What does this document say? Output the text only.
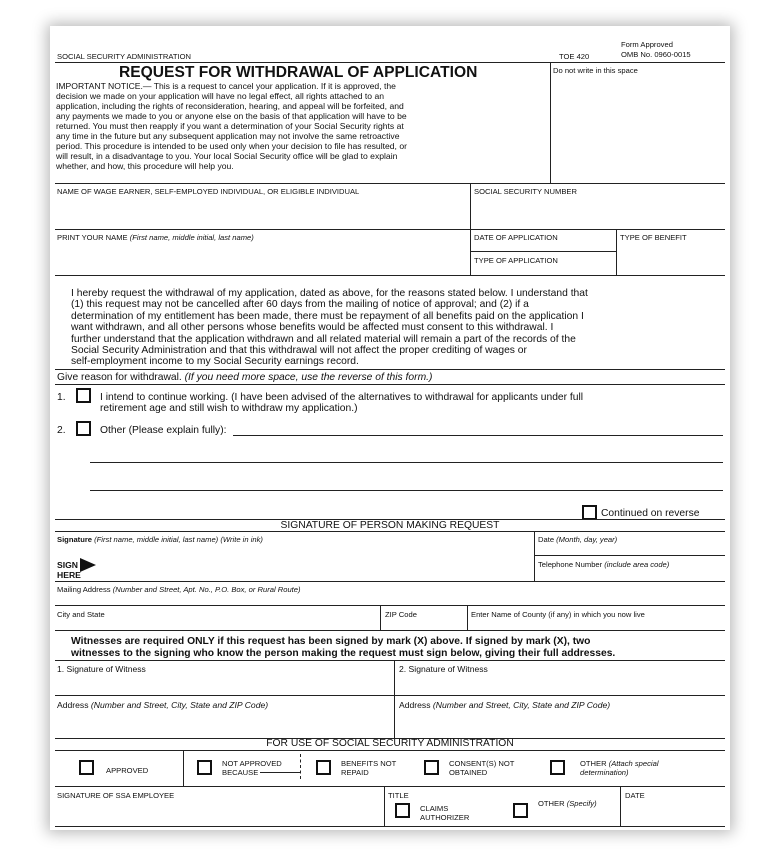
SOCIAL SECURITY ADMINISTRATION	TOE 420
Form Approved
OMB No. 0960-0015
REQUEST FOR WITHDRAWAL OF APPLICATION	Do not write in this space
IMPORTANT NOTICE.— This is a request to cancel your application. If it is approved, the
decision we made on your application will have no legal effect, all rights attached to an
application, including the rights of reconsideration, hearing, and appeal will be forfeited, and
any payments we made to you or anyone else on the basis of that application will have to be
returned. You must then reapply if you want a determination of your Social Security rights at
any time in the future but any subsequent application may not involve the same retroactive
period. This procedure is intended to be used only when your decision to file has resulted, or
will result, in a disadvantage to you. Your local Social Security office will be glad to explain
whether, and how, this procedure will help you.
NAME OF WAGE EARNER, SELF-EMPLOYED INDIVIDUAL, OR ELIGIBLE INDIVIDUAL	SOCIAL SECURITY NUMBER
PRINT YOUR NAME (First name, middle initial, last name)	DATE OF APPLICATION	TYPE OF BENEFIT
TYPE OF APPLICATION
I hereby request the withdrawal of my application, dated as above, for the reasons stated below. I understand that
(1) this request may not be cancelled after 60 days from the mailing of notice of approval; and (2) if a
determination of my entitlement has been made, there must be repayment of all benefits paid on the application I
want withdrawn, and all other persons whose benefits would be affected must consent to this withdrawal. I
further understand that the application withdrawn and all related material will remain a part of the records of the
Social Security Administration and that this withdrawal will not affect the proper crediting of wages or
self-employment income to my Social Security earnings record.
Give reason for withdrawal. (If you need more space, use the reverse of this form.)
1.	I intend to continue working. (I have been advised of the alternatives to withdrawal for applicants under full
retirement age and still wish to withdraw my application.)
2.	Other (Please explain fully):
Continued on reverse
SIGNATURE OF PERSON MAKING REQUEST
Signature (First name, middle initial, last name) (Write in ink)	Date (Month, day, year)
Telephone Number (include area code)
SIGN
HERE
Mailing Address (Number and Street, Apt. No., P.O. Box, or Rural Route)
City and State	ZIP Code	Enter Name of County (if any) in which you now live
Witnesses are required ONLY if this request has been signed by mark (X) above. If signed by mark (X), two
witnesses to the signing who know the person making the request must sign below, giving their full addresses.
1. Signature of Witness	2. Signature of Witness
Address (Number and Street, City, State and ZIP Code)	Address (Number and Street, City, State and ZIP Code)
FOR USE OF SOCIAL SECURITY ADMINISTRATION
APPROVED
NOT APPROVED
BECAUSE
BENEFITS NOT
REPAID
CONSENT(S) NOT
OBTAINED
OTHER (Attach special
determination)
SIGNATURE OF SSA EMPLOYEE	TITLE
CLAIMS
AUTHORIZER
OTHER (Specify)
DATE
